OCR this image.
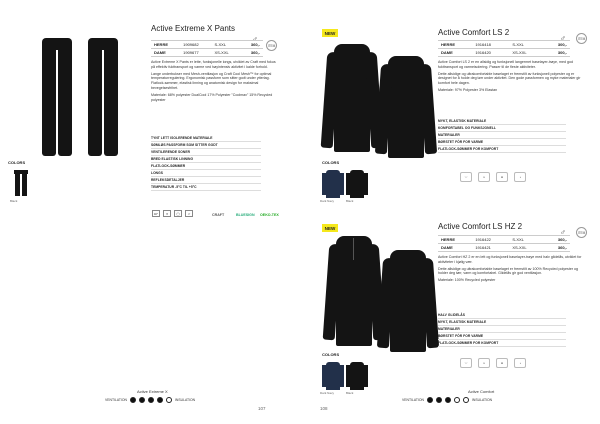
Active Extreme X Pants
♂
ITEM
HERRE	1909682	S-XXL	360,-
DAME	1909677	XS-XXL	360,-

Active Extreme X Pants er lette, funksjonelle longs, utviklet av Craft med fokus på effektiv fukttransport og varme ved høyintensiv aktivitet i kalde forhold.

Lange underbukser med Mesh-ventilasjon og Craft Cool Mesh™ for optimal temperaturregulering. Ergonomisk passform som sitter godt under ytterlag. Flatlock-sømmer, elastisk linning og anatomisk design for maksimal bevegelsesfrihet.

Materiale: 68% polyester DualCool 17% Polyester "Coolmax" 15% Recycled polyester

TYNT LETT ISOLERENDE MATERIALE
SØMLØS PASSFORM SOM SITTER GODT
VENTILERENDE SONER
BRED ELASTISK LINNING
FLATLOCK-SØMMER
LONGS
REFLEKSDETALJER
TEMPERATUR -5°C TIL +5°C
40°	✕	◯	▱	CRAFT	BLUESIGN OEKO-TEX
COLORS
Black
Active Extreme X
VENTILATION	INSULATION
107
NEW	Active Comfort LS 2
♂	ITEM
HERRE	1916418	S-XXL	300,-
DAME	1916420	XS-XXL	300,-

Active Comfort LS 2 er en allsidig og funksjonell langermet baselayer-trøye, med god fukttransport og varmeisolering. Passer til de fleste aktiviteter.

Dette allsidige og ultrakomfortable baselaget er fremstilt av funksjonell polyester og er designet for å holde deg tørr under aktivitet. Den gode passformen og myke materialer gir komfort hele dagen.

Materiale: 97% Polyester 3% Elastan

MYKT, ELASTISK MATERIALE
KOMFORTABEL OG FUNKSJONELL
MATERIALER
BØRSTET FÓR FOR VARME
FLATLOCK-SØMMER FOR KOMFORT
〰	☀	♻	◑
COLORS
Dark Navy	Black
NEW	Active Comfort LS HZ 2
♂	ITEM
HERRE	1916422	S-XXL	360,-
DAME	1916421	XS-XXL	360,-

Active Comfort HZ 2 er en lett og funksjonell baselayer-trøye med halv glidelås, utviklet for aktiviteter i kjølig vær.

Dette allsidige og ultrakomfortable baselaget er fremstilt av 100% Recycled polyester og holder deg tørr, varm og komfortabel. Glidelås gir god ventilasjon.

Materiale: 100% Recycled polyester

HALV GLIDELÅS
MYKT, ELASTISK MATERIALE
MATERIALER
BØRSTET FÓR FOR VARME
FLATLOCK-SØMMER FOR KOMFORT
〰	☀	♻	◑
COLORS
Dark Navy	Black	Active Comfort
VENTILATION	INSULATION
108
